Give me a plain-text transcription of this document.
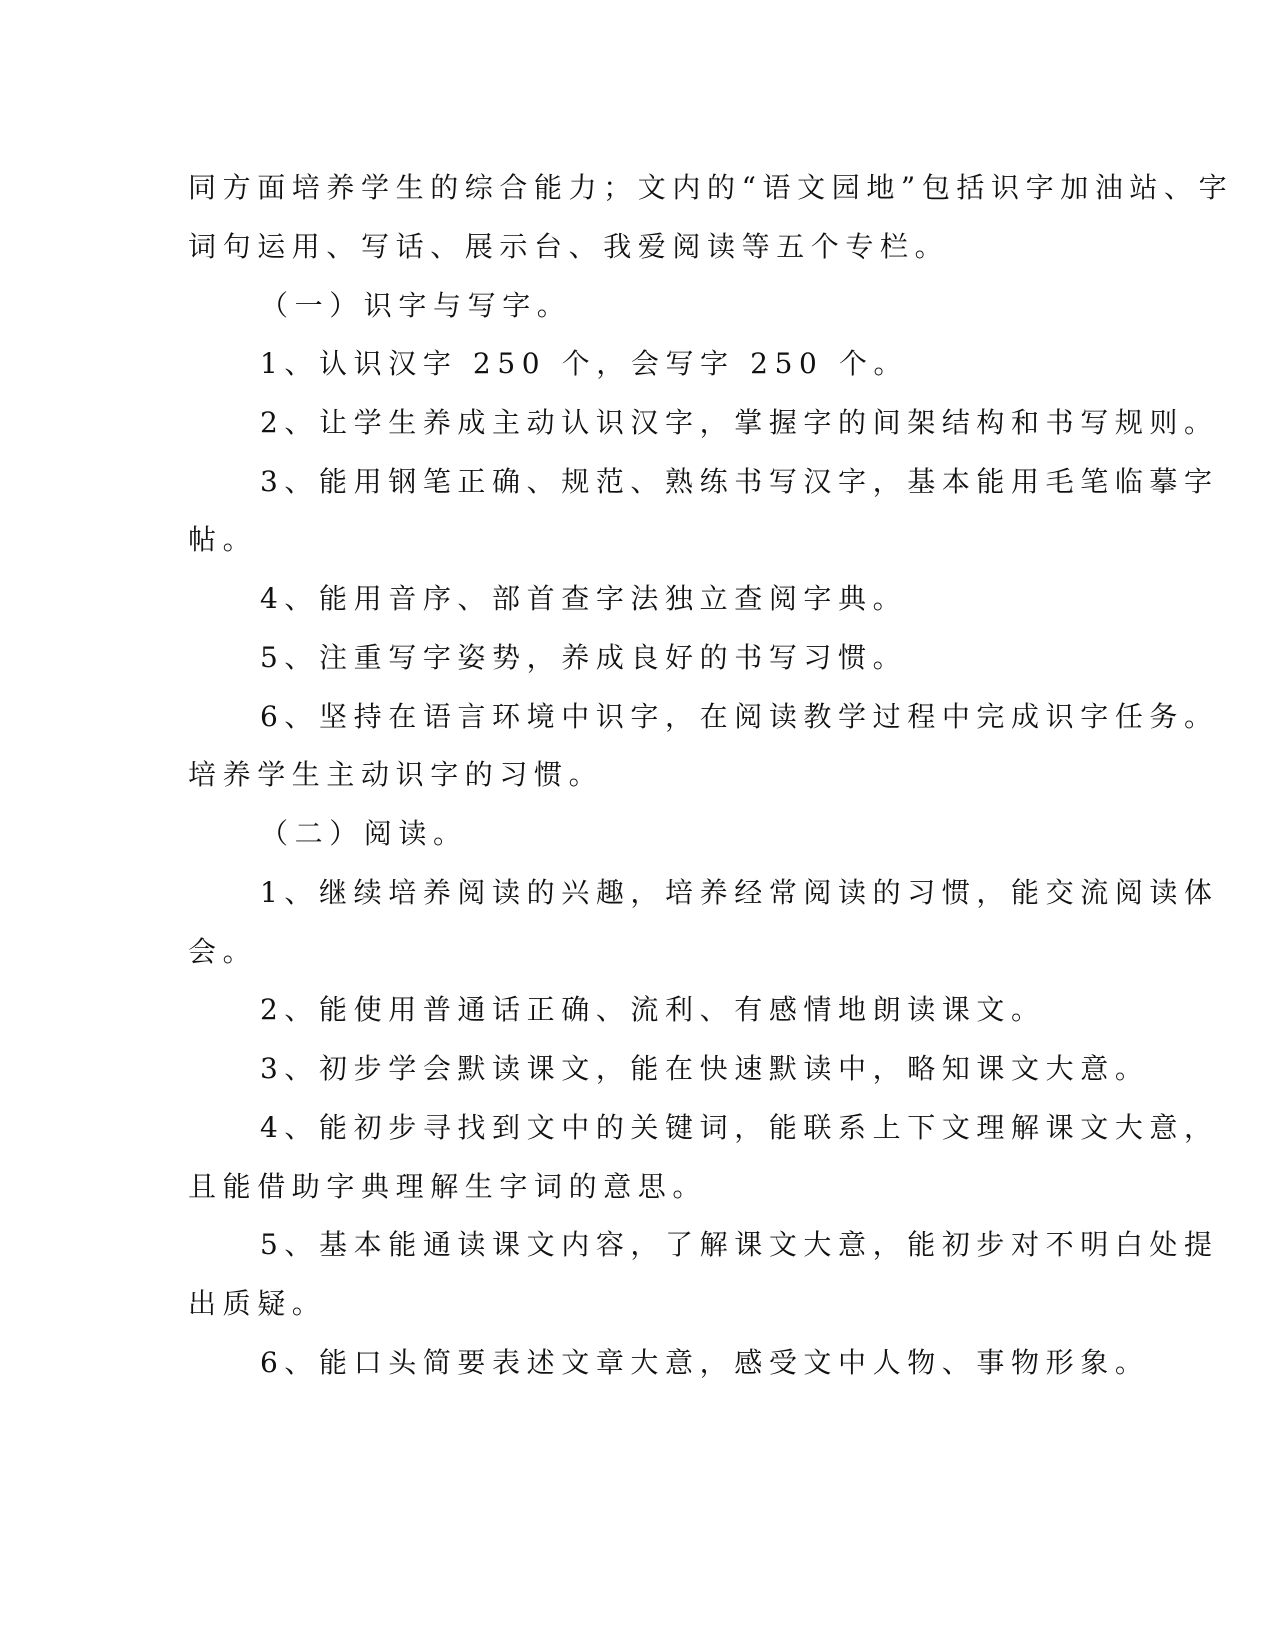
同方面培养学生的综合能力；文内的“语文园地”包括识字加油站、字
词句运用、写话、展示台、我爱阅读等五个专栏。
（一）识字与写字。
1、认识汉字 250 个，会写字 250 个。
2、让学生养成主动认识汉字，掌握字的间架结构和书写规则。
3、能用钢笔正确、规范、熟练书写汉字，基本能用毛笔临摹字
帖。
4、能用音序、部首查字法独立查阅字典。
5、注重写字姿势，养成良好的书写习惯。
6、坚持在语言环境中识字，在阅读教学过程中完成识字任务。
培养学生主动识字的习惯。
（二）阅读。
1、继续培养阅读的兴趣，培养经常阅读的习惯，能交流阅读体
会。
2、能使用普通话正确、流利、有感情地朗读课文。
3、初步学会默读课文，能在快速默读中，略知课文大意。
4、能初步寻找到文中的关键词，能联系上下文理解课文大意，
且能借助字典理解生字词的意思。
5、基本能通读课文内容，了解课文大意，能初步对不明白处提
出质疑。
6、能口头简要表述文章大意，感受文中人物、事物形象。
